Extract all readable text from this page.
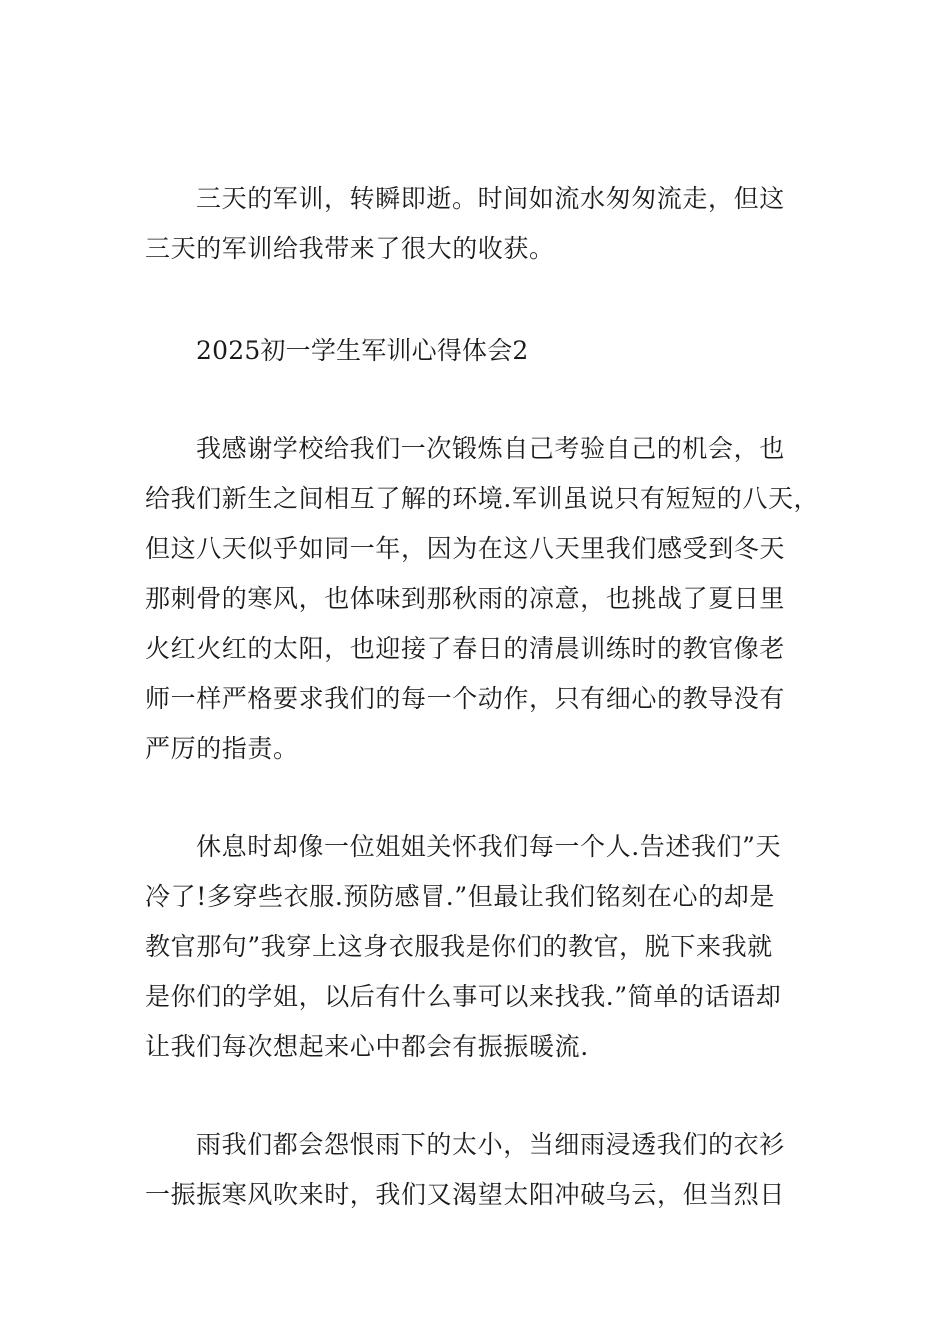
三天的军训，转瞬即逝。时间如流水匆匆流走，但这
三天的军训给我带来了很大的收获。
2025初一学生军训心得体会2
我感谢学校给我们一次锻炼自己考验自己的机会，也
给我们新生之间相互了解的环境.军训虽说只有短短的八天，
但这八天似乎如同一年，因为在这八天里我们感受到冬天
那刺骨的寒风，也体味到那秋雨的凉意，也挑战了夏日里
火红火红的太阳，也迎接了春日的清晨训练时的教官像老
师一样严格要求我们的每一个动作，只有细心的教导没有
严厉的指责。
休息时却像一位姐姐关怀我们每一个人.告述我们”天
冷了!多穿些衣服.预防感冒.”但最让我们铭刻在心的却是
教官那句”我穿上这身衣服我是你们的教官，脱下来我就
是你们的学姐，以后有什么事可以来找我.”简单的话语却
让我们每次想起来心中都会有振振暖流.
雨我们都会怨恨雨下的太小，当细雨浸透我们的衣衫
一振振寒风吹来时，我们又渴望太阳冲破乌云，但当烈日
